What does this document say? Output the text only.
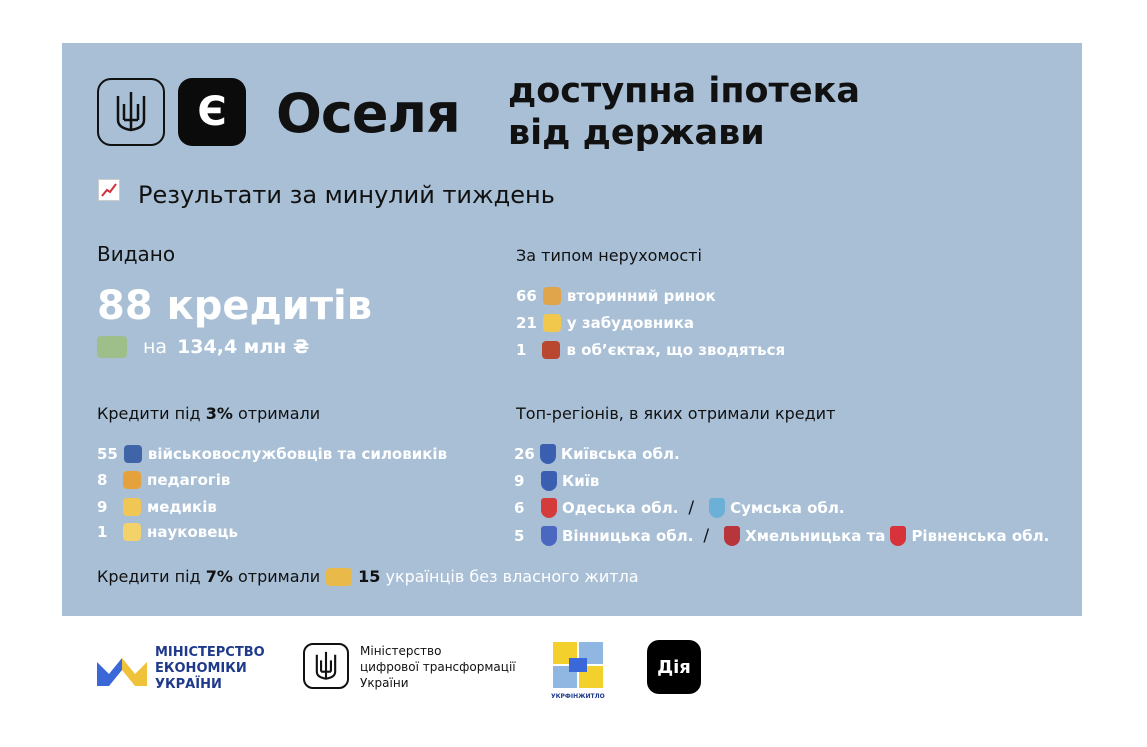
Є Оселя доступна іпотека
від держави
Результати за минулий тиждень
Видано
88 кредитів
на 134,4 млн ₴
За типом нерухомості
66 вторинний ринок
21 у забудовника
1	в об’єктах, що зводяться
Кредити під 3% отримали
55 військовослужбовців та силовиків
8	педагогів
9	медиків
1	науковець
Топ-регіонів, в яких отримали кредит
26 Київська обл.
9	Київ
6	Одеська обл. / Сумська обл.
5	Вінницька обл. / Хмельницька та Рівненська обл.
Кредити під
7%
отримали 15
українців без власного житла
МІНІСТЕРСТВО
ЕКОНОМІКИ
УКРАЇНИ
Міністерство
цифрової трансформації
України
УКРФІНЖИТЛО
Дія
